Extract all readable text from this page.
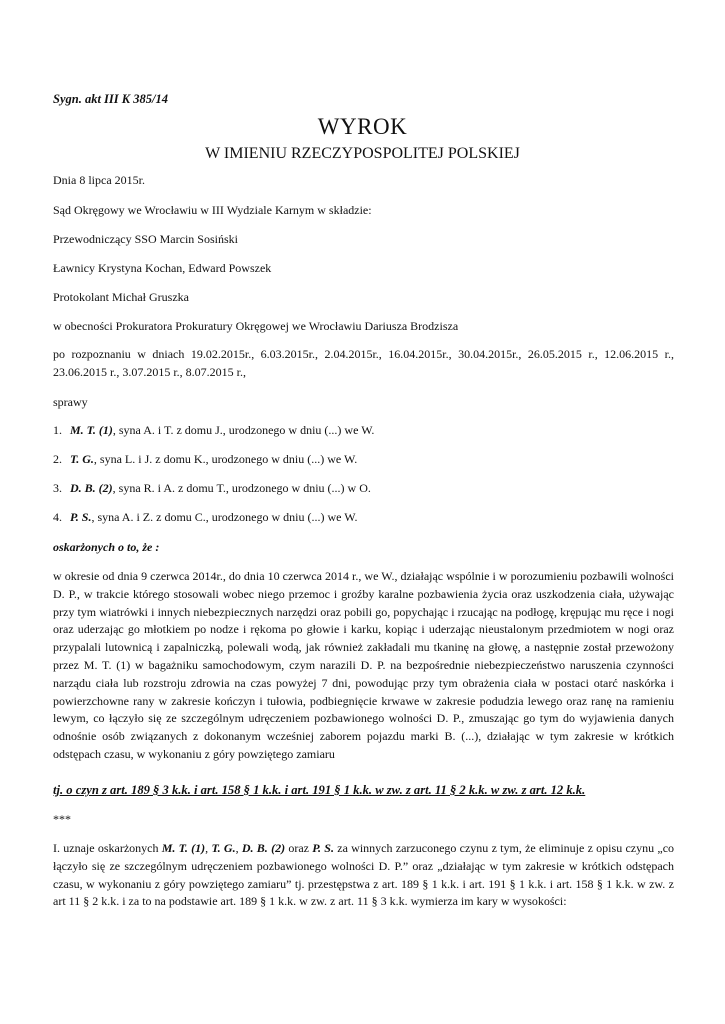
Sygn. akt III K 385/14
WYROK
W IMIENIU RZECZYPOSPOLITEJ POLSKIEJ
Dnia 8 lipca 2015r.
Sąd Okręgowy we Wrocławiu w III Wydziale Karnym w składzie:
Przewodniczący SSO Marcin Sosiński
Ławnicy Krystyna Kochan, Edward Powszek
Protokolant Michał Gruszka
w obecności Prokuratora Prokuratury Okręgowej we Wrocławiu Dariusza Brodzisza
po rozpoznaniu w dniach 19.02.2015r., 6.03.2015r., 2.04.2015r., 16.04.2015r., 30.04.2015r., 26.05.2015 r., 12.06.2015 r., 23.06.2015 r., 3.07.2015 r., 8.07.2015 r.,
sprawy
1. M. T. (1), syna A. i T. z domu J., urodzonego w dniu (...) we W.
2. T. G., syna L. i J. z domu K., urodzonego w dniu (...) we W.
3. D. B. (2), syna R. i A. z domu T., urodzonego w dniu (...) w O.
4. P. S., syna A. i Z. z domu C., urodzonego w dniu (...) we W.
oskarżonych o to, że :
w okresie od dnia 9 czerwca 2014r., do dnia 10 czerwca 2014 r., we W., działając wspólnie i w porozumieniu pozbawili wolności D. P., w trakcie którego stosowali wobec niego przemoc i groźby karalne pozbawienia życia oraz uszkodzenia ciała, używając przy tym wiatrówki i innych niebezpiecznych narzędzi oraz pobili go, popychając i rzucając na podłogę, krępując mu ręce i nogi oraz uderzając go młotkiem po nodze i rękoma po głowie i karku, kopiąc i uderzając nieustalonym przedmiotem w nogi oraz przypalali lutownicą i zapalniczką, polewali wodą, jak również zakładali mu tkaninę na głowę, a następnie został przewożony przez M. T. (1) w bagażniku samochodowym, czym narazili D. P. na bezpośrednie niebezpieczeństwo naruszenia czynności narządu ciała lub rozstroju zdrowia na czas powyżej 7 dni, powodując przy tym obrażenia ciała w postaci otarć naskórka i powierzchowne rany w zakresie kończyn i tułowia, podbiegnięcie krwawe w zakresie podudzia lewego oraz ranę na ramieniu lewym, co łączyło się ze szczególnym udręczeniem pozbawionego wolności D. P., zmuszając go tym do wyjawienia danych odnośnie osób związanych z dokonanym wcześniej zaborem pojazdu marki B. (...), działając w tym zakresie w krótkich odstępach czasu, w wykonaniu z góry powziętego zamiaru
tj. o czyn z art. 189 § 3 k.k. i art. 158 § 1 k.k. i art. 191 § 1 k.k. w zw. z art. 11 § 2 k.k. w zw. z art. 12 k.k.
***
I. uznaje oskarżonych M. T. (1), T. G., D. B. (2) oraz P. S. za winnych zarzuconego czynu z tym, że eliminuje z opisu czynu „co łączyło się ze szczególnym udręczeniem pozbawionego wolności D. P.” oraz „działając w tym zakresie w krótkich odstępach czasu, w wykonaniu z góry powziętego zamiaru” tj. przestępstwa z art. 189 § 1 k.k. i art. 191 § 1 k.k. i art. 158 § 1 k.k. w zw. z art 11 § 2 k.k. i za to na podstawie art. 189 § 1 k.k. w zw. z art. 11 § 3 k.k. wymierza im kary w wysokości:
